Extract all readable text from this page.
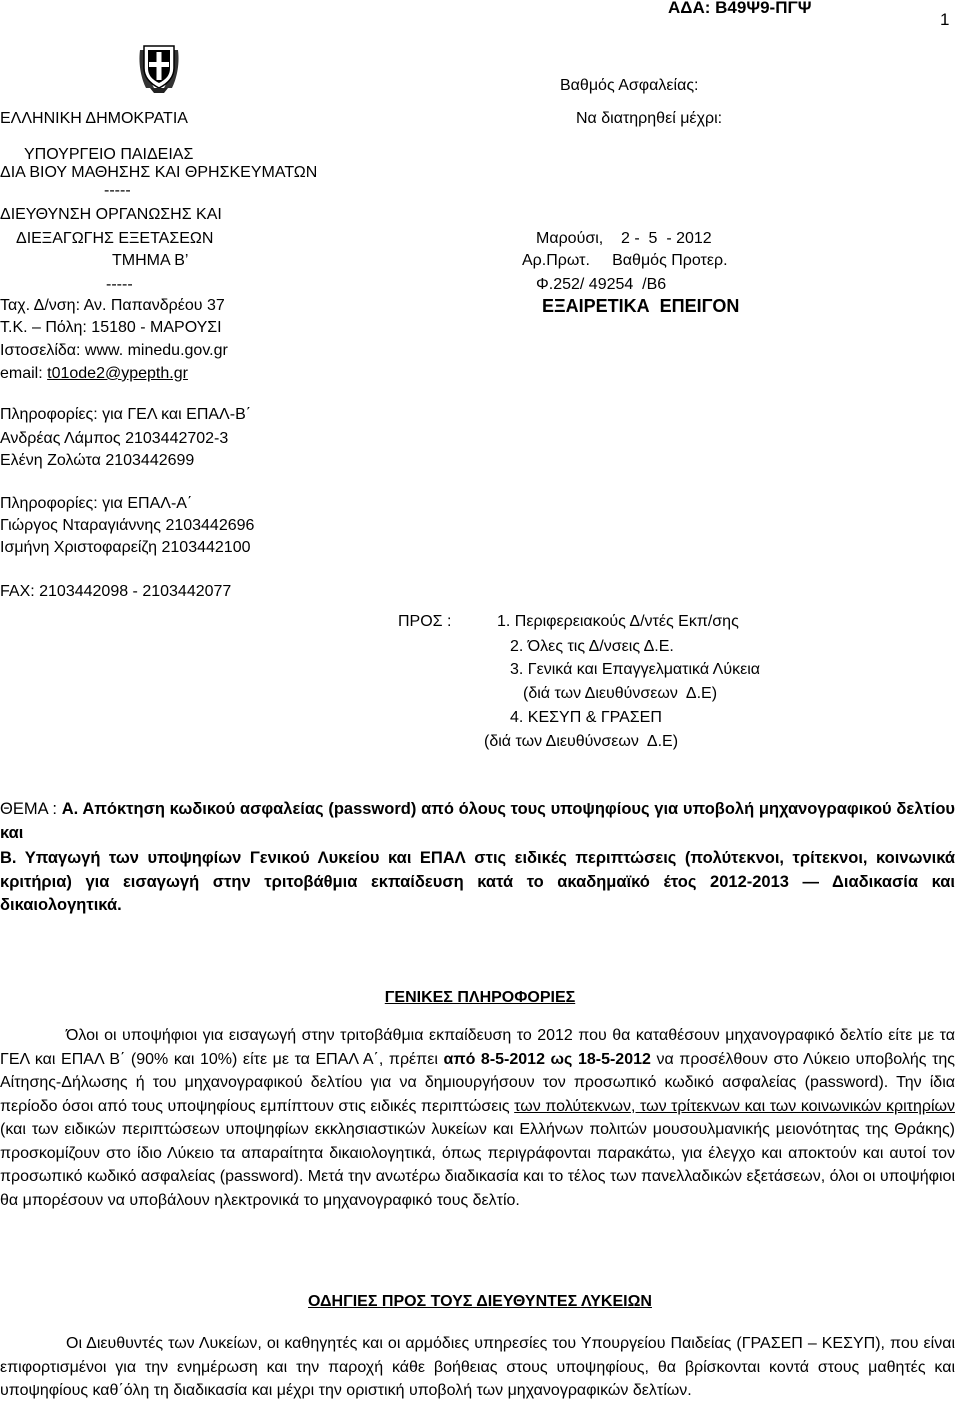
ΑΔΑ: Β49Ψ9-ΠΓΨ
1
ΕΛΛΗΝΙΚΗ ΔΗΜΟΚΡΑΤΙΑ
ΥΠΟΥΡΓΕΙΟ ΠΑΙΔΕΙΑΣ
ΔΙΑ ΒΙΟΥ ΜΑΘΗΣΗΣ ΚΑΙ ΘΡΗΣΚΕΥΜΑΤΩΝ
-----
ΔΙΕΥΘΥΝΣΗ ΟΡΓΑΝΩΣΗΣ ΚΑΙ
ΔΙΕΞΑΓΩΓΗΣ ΕΞΕΤΑΣΕΩΝ
ΤΜΗΜΑ Β’
-----
Ταχ. Δ/νση: Αν. Παπανδρέου 37
Τ.Κ. – Πόλη: 15180 - ΜΑΡΟΥΣΙ
Ιστοσελίδα: www. minedu.gov.gr
email: t01ode2@ypepth.gr
Βαθμός Ασφαλείας:
Να διατηρηθεί μέχρι:
Μαρούσι,    2 -  5  - 2012
Αρ.Πρωτ.     Βαθμός Προτερ.
Φ.252/ 49254  /Β6
ΕΞΑΙΡΕΤΙΚΑ  ΕΠΕΙΓΟΝ
Πληροφορίες: για ΓΕΛ και ΕΠΑΛ-Β΄
Ανδρέας Λάμπος 2103442702-3
Ελένη Ζολώτα 2103442699
Πληροφορίες: για ΕΠΑΛ-Α΄
Γιώργος Νταραγιάννης 2103442696
Ισμήνη Χριστοφαρείζη 2103442100
FAX: 2103442098 - 2103442077
ΠΡΟΣ :	1. Περιφερειακούς Δ/ντές Εκπ/σης
2. Όλες τις Δ/νσεις Δ.Ε.
3. Γενικά και Επαγγελματικά Λύκεια
(διά των Διευθύνσεων  Δ.Ε)
4. ΚΕΣΥΠ & ΓΡΑΣΕΠ
(διά των Διευθύνσεων  Δ.Ε)
ΘΕΜΑ : Α. Απόκτηση κωδικού ασφαλείας (password) από όλους τους υποψηφίους για υποβολή μηχανογραφικού δελτίου και
Β. Υπαγωγή των υποψηφίων Γενικού Λυκείου και ΕΠΑΛ στις ειδικές περιπτώσεις (πολύτεκνοι, τρίτεκνοι, κοινωνικά κριτήρια) για εισαγωγή στην τριτοβάθμια εκπαίδευση κατά το ακαδημαϊκό έτος 2012-2013 — Διαδικασία και δικαιολογητικά.
ΓΕΝΙΚΕΣ ΠΛΗΡΟΦΟΡΙΕΣ
Όλοι οι υποψήφιοι για εισαγωγή στην τριτοβάθμια εκπαίδευση το 2012 που θα καταθέσουν μηχανογραφικό δελτίο είτε με τα ΓΕΛ και ΕΠΑΛ Β΄ (90% και 10%) είτε με τα ΕΠΑΛ Α΄, πρέπει από 8-5-2012 ως 18-5-2012 να προσέλθουν στο Λύκειο υποβολής της Αίτησης-Δήλωσης ή του μηχανογραφικού δελτίου για να δημιουργήσουν τον προσωπικό κωδικό ασφαλείας (password). Την ίδια περίοδο όσοι από τους υποψηφίους εμπίπτουν στις ειδικές περιπτώσεις των πολύτεκνων, των τρίτεκνων και των κοινωνικών κριτηρίων (και των ειδικών περιπτώσεων υποψηφίων εκκλησιαστικών λυκείων και Ελλήνων πολιτών μουσουλμανικής μειονότητας της Θράκης) προσκομίζουν στο ίδιο Λύκειο τα απαραίτητα δικαιολογητικά, όπως περιγράφονται παρακάτω, για έλεγχο και αποκτούν και αυτοί τον προσωπικό κωδικό ασφαλείας (password). Μετά την ανωτέρω διαδικασία και το τέλος των πανελλαδικών εξετάσεων, όλοι οι υποψήφιοι θα μπορέσουν να υποβάλουν ηλεκτρονικά το μηχανογραφικό τους δελτίο.
ΟΔΗΓΙΕΣ ΠΡΟΣ ΤΟΥΣ ΔΙΕΥΘΥΝΤΕΣ ΛΥΚΕΙΩΝ
Οι Διευθυντές των Λυκείων, οι καθηγητές και οι αρμόδιες υπηρεσίες του Υπουργείου Παιδείας (ΓΡΑΣΕΠ – ΚΕΣΥΠ), που είναι επιφορτισμένοι για την ενημέρωση και την παροχή κάθε βοήθειας στους υποψηφίους, θα βρίσκονται κοντά στους μαθητές και υποψηφίους καθ΄όλη τη διαδικασία και μέχρι την οριστική υποβολή των μηχανογραφικών δελτίων.
